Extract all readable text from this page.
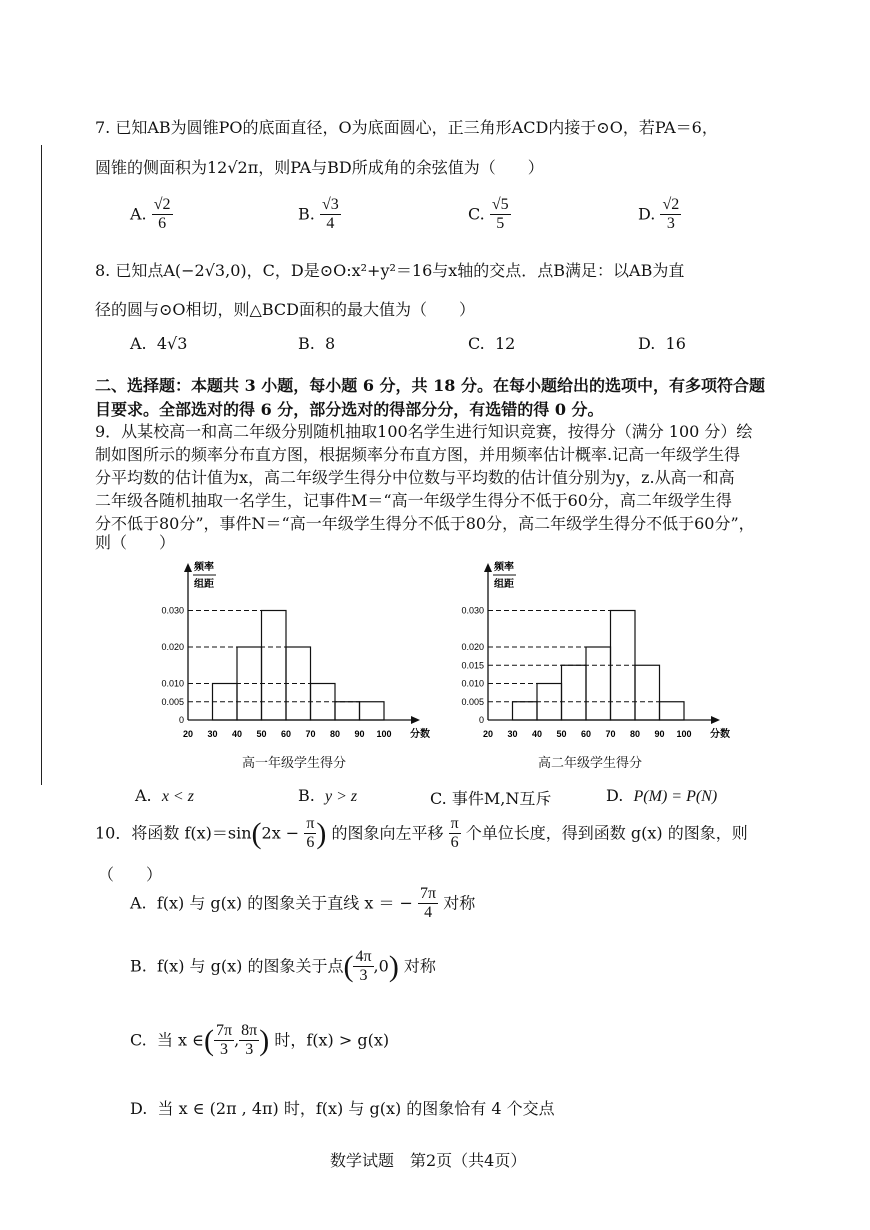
7. 已知AB为圆锥PO的底面直径，O为底面圆心，正三角形ACD内接于⊙O，若PA＝6，
圆锥的侧面积为12√2π，则PA与BD所成角的余弦值为（　　）
A. $\frac{√2}{6}$	B. $\frac{√3}{4}$	C. $\frac{√5}{5}$	D. $\frac{√2}{3}$
8. 已知点A(−2√3,0)，C，D是⊙O:x²+y²＝16与x轴的交点．点B满足：以AB为直
径的圆与⊙O相切，则△BCD面积的最大值为（　　）
A. 4√3	B. 8	C. 12	D. 16
二、选择题：本题共 3 小题，每小题 6 分，共 18 分。在每小题给出的选项中，有多项符合题
目要求。全部选对的得 6 分，部分选对的得部分分，有选错的得 0 分。
9．从某校高一和高二年级分别随机抽取100名学生进行知识竞赛，按得分（满分 100 分）绘
制如图所示的频率分布直方图，根据频率分布直方图，并用频率估计概率.记高一年级学生得
分平均数的估计值为x，高二年级学生得分中位数与平均数的估计值分别为y，z.从高一和高
二年级各随机抽取一名学生，记事件M＝“高一年级学生得分不低于60分，高二年级学生得
分不低于80分”，事件N＝“高一年级学生得分不低于80分，高二年级学生得分不低于60分”，
则（　　）
频率
组距
0
0.005
0.010
0.020
0.030
20 30 40 50 60 70 80 90 100 分数
频率
组距
0
0.005
0.010
0.015
0.020
0.030
20 30 40 50 60 70 80 90 100 分数
高一年级学生得分	高二年级学生得分
A. x < z	B. y > z	C. 事件M,N互斥	D. P(M) = P(N)
10．将函数 $f(x)=\sin(2x - \frac{\pi}{6}$ ) 的图象向左平移 $\frac{\pi}{6}$ 个单位长度，得到函数 g(x) 的图象，则
（　　）
A. f(x) 与 g(x) 的图象关于直线 x ＝ − $\frac{7\pi}{4}$ 对称
B. f(x) 与 g(x) 的图象关于点( $\frac{4\pi}{3} ,0$) 对称
C. 当 x ∈( $\frac{7\pi}{3}$ , $\frac{8\pi}{3}$ ) 时，f(x) > g(x)
D. 当 x ∈ (2π , 4π) 时，f(x) 与 g(x) 的图象恰有 4 个交点
数学试题　第2页（共4页）
